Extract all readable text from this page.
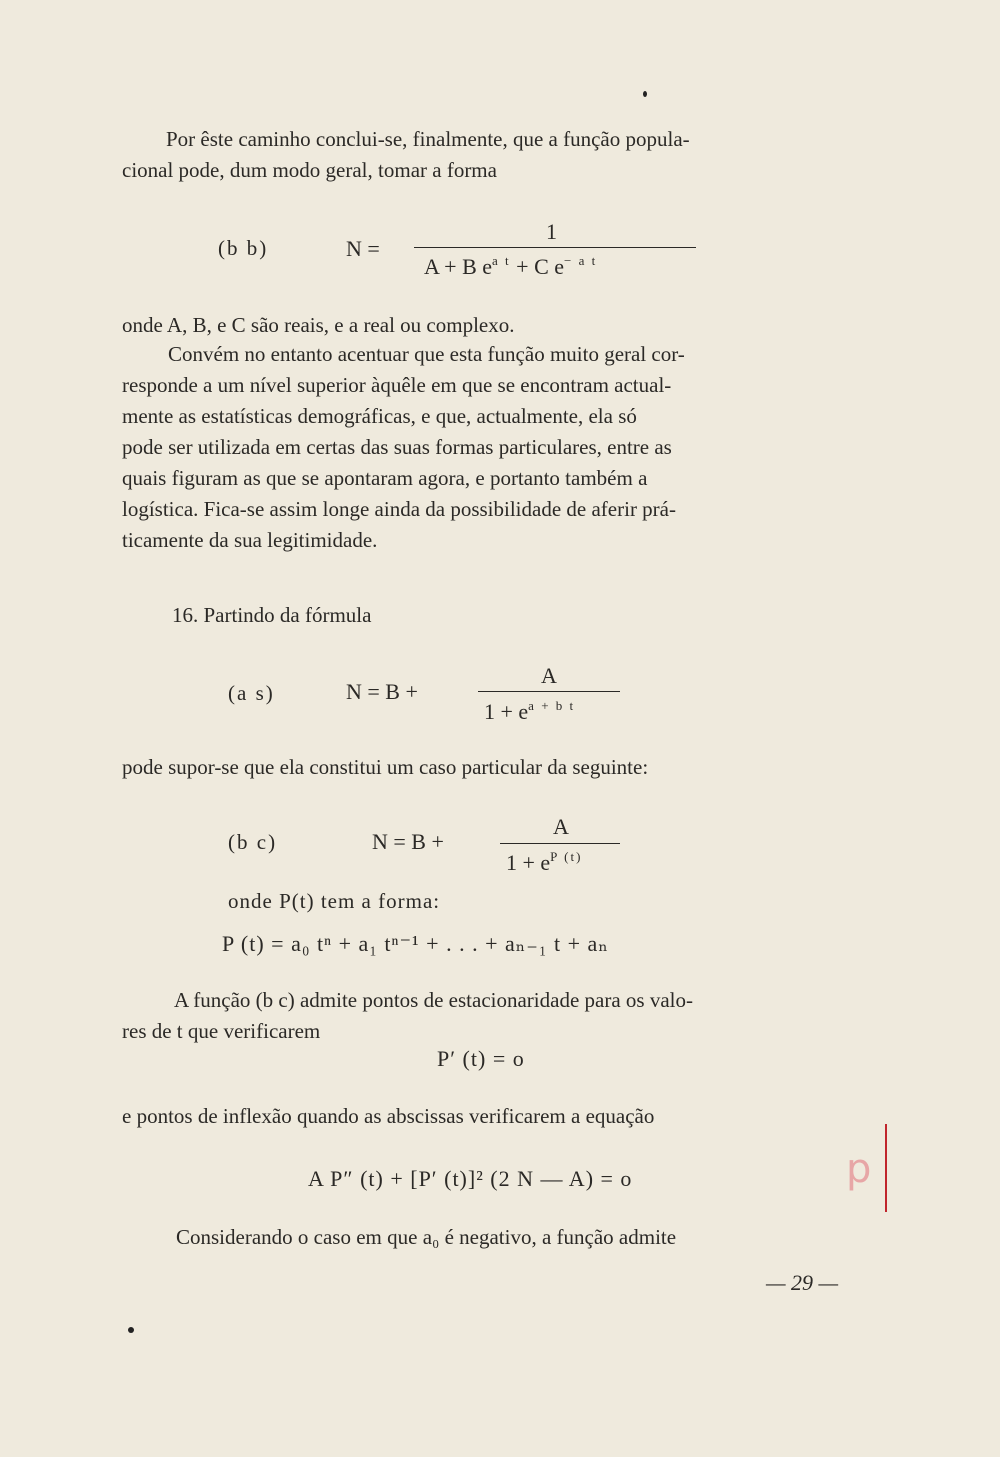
Por êste caminho conclui-se, finalmente, que a função popula-
cional pode, dum modo geral, tomar a forma
(b b)	N =
1
A + B $e^{a t} + C$ $e^{- a t}$
onde A, B, e C são reais, e a real ou complexo.
Convém no entanto acentuar que esta função muito geral cor-
responde a um nível superior àquêle em que se encontram actual-
mente as estatísticas demográficas, e que, actualmente, ela só
pode ser utilizada em certas das suas formas particulares, entre as
quais figuram as que se apontaram agora, e portanto também a
logística. Fica-se assim longe ainda da possibilidade de aferir prá-
ticamente da sua legitimidade.
16. Partindo da fórmula
(a s)	N = B +
A
$1 + e^{a + b t}$
pode supor-se que ela constitui um caso particular da seguinte:
(b c)	N = B +
A
$1 + e^{P (t)}$
onde P(t) tem a forma:
P (t) = a₀ tⁿ + a₁ tⁿ⁻¹ + . . . + aₙ₋₁ t + aₙ
A função (b c) admite pontos de estacionaridade para os valo-
res de t que verificarem
P′ (t) = o
e pontos de inflexão quando as abscissas verificarem a equação
A P″ (t) + [P′ (t)]² (2 N — A) = o	p
Considerando o caso em que a₀ é negativo, a função admite
— 29 —
